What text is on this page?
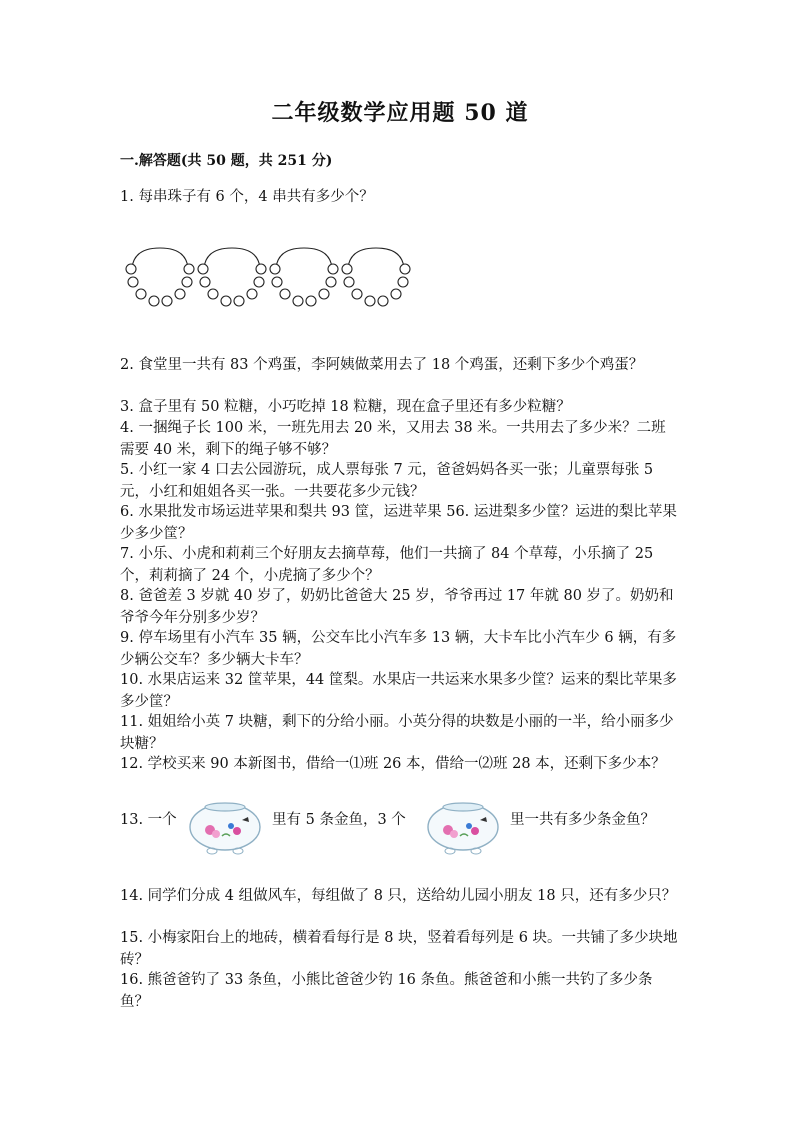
二年级数学应用题 50 道
一.解答题(共 50 题，共 251 分)
1. 每串珠子有 6 个，4 串共有多少个？
2. 食堂里一共有 83 个鸡蛋，李阿姨做菜用去了 18 个鸡蛋，还剩下多少个鸡蛋？
3. 盒子里有 50 粒糖，小巧吃掉 18 粒糖，现在盒子里还有多少粒糖？
4. 一捆绳子长 100 米，一班先用去 20 米，又用去 38 米。一共用去了多少米？二班需要 40 米，剩下的绳子够不够？
5. 小红一家 4 口去公园游玩，成人票每张 7 元，爸爸妈妈各买一张；儿童票每张 5 元，小红和姐姐各买一张。一共要花多少元钱？
6. 水果批发市场运进苹果和梨共 93 筐，运进苹果 56. 运进梨多少筐？运进的梨比苹果少多少筐？
7. 小乐、小虎和莉莉三个好朋友去摘草莓，他们一共摘了 84 个草莓，小乐摘了 25 个，莉莉摘了 24 个，小虎摘了多少个？
8. 爸爸差 3 岁就 40 岁了，奶奶比爸爸大 25 岁，爷爷再过 17 年就 80 岁了。奶奶和爷爷今年分别多少岁？
9. 停车场里有小汽车 35 辆，公交车比小汽车多 13 辆，大卡车比小汽车少 6 辆，有多少辆公交车？多少辆大卡车？
10. 水果店运来 32 筐苹果，44 筐梨。水果店一共运来水果多少筐？运来的梨比苹果多多少筐？
11. 姐姐给小英 7 块糖，剩下的分给小丽。小英分得的块数是小丽的一半，给小丽多少块糖？
12. 学校买来 90 本新图书，借给一⑴班 26 本，借给一⑵班 28 本，还剩下多少本？
13. 一个	里有 5 条金鱼，3 个	里一共有多少条金鱼？
14. 同学们分成 4 组做风车，每组做了 8 只，送给幼儿园小朋友 18 只，还有多少只？
15. 小梅家阳台上的地砖，横着看每行是 8 块，竖着看每列是 6 块。一共铺了多少块地砖？
16. 熊爸爸钓了 33 条鱼，小熊比爸爸少钓 16 条鱼。熊爸爸和小熊一共钓了多少条鱼？
